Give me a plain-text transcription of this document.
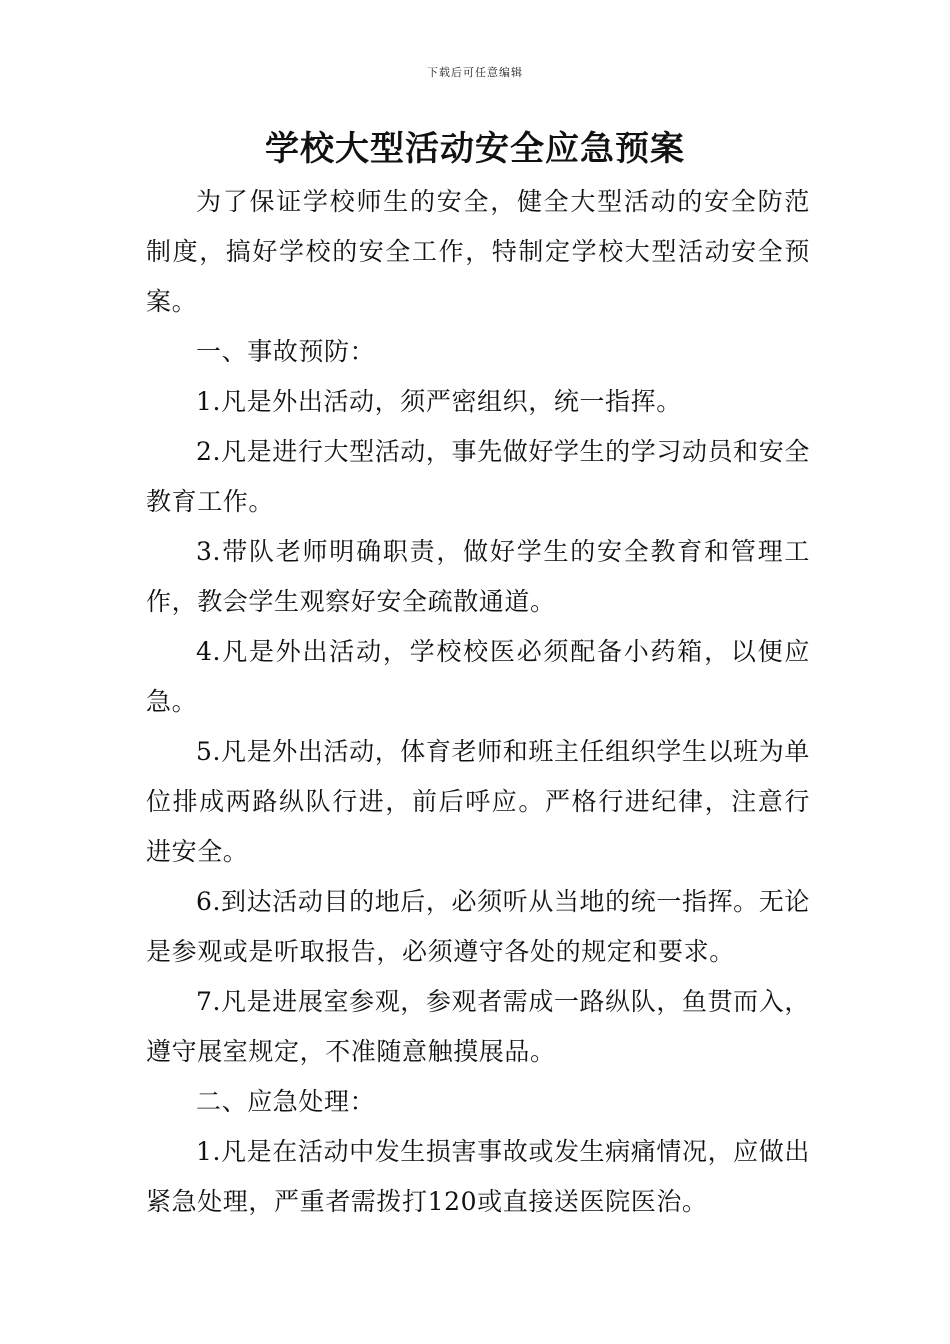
下载后可任意编辑
学校大型活动安全应急预案

为了保证学校师生的安全，健全大型活动的安全防范制度，搞好学校的安全工作，特制定学校大型活动安全预案。

一、事故预防：

1.凡是外出活动，须严密组织，统一指挥。

2.凡是进行大型活动，事先做好学生的学习动员和安全教育工作。

3.带队老师明确职责，做好学生的安全教育和管理工作，教会学生观察好安全疏散通道。

4.凡是外出活动，学校校医必须配备小药箱，以便应急。

5.凡是外出活动，体育老师和班主任组织学生以班为单位排成两路纵队行进，前后呼应。严格行进纪律，注意行进安全。

6.到达活动目的地后，必须听从当地的统一指挥。无论是参观或是听取报告，必须遵守各处的规定和要求。

7.凡是进展室参观，参观者需成一路纵队，鱼贯而入，遵守展室规定，不准随意触摸展品。

二、应急处理：

1.凡是在活动中发生损害事故或发生病痛情况，应做出紧急处理，严重者需拨打120或直接送医院医治。
